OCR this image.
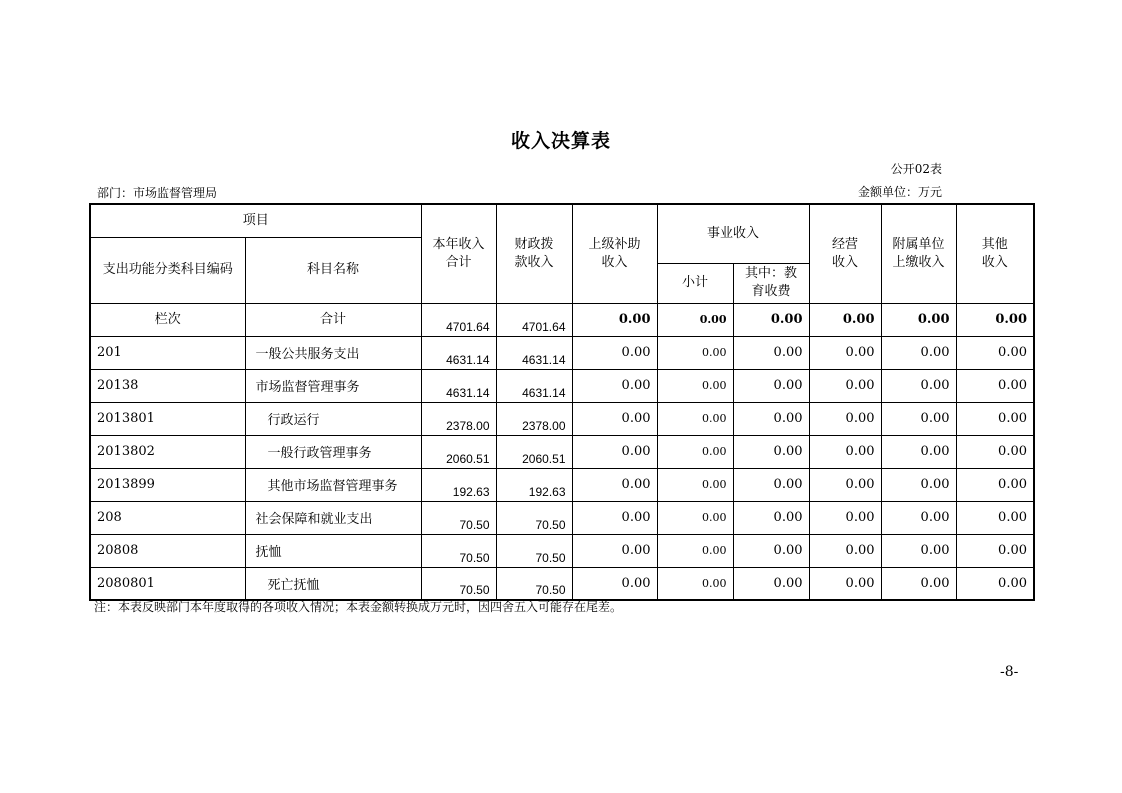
收入决算表
公开02表
部门：市场监督管理局	金额单位：万元
项目		本年收入合计	财政拨款收入	上级补助收入	事业收入		经营收入	附属单位上缴收入	其他收入

支出功能分类科目编码	科目名称								
					小计	其中：教育收费			

栏次	合计	4701.64	4701.64	0.00	0.00	0.00	0.00	0.00	0.00
201	一般公共服务支出	4631.14	4631.14	0.00	0.00	0.00	0.00	0.00	0.00
20138	市场监督管理事务	4631.14	4631.14	0.00	0.00	0.00	0.00	0.00	0.00
2013801	行政运行	2378.00	2378.00	0.00	0.00	0.00	0.00	0.00	0.00
2013802	一般行政管理事务	2060.51	2060.51	0.00	0.00	0.00	0.00	0.00	0.00
2013899	其他市场监督管理事务	192.63	192.63	0.00	0.00	0.00	0.00	0.00	0.00
208	社会保障和就业支出	70.50	70.50	0.00	0.00	0.00	0.00	0.00	0.00
20808	抚恤	70.50	70.50	0.00	0.00	0.00	0.00	0.00	0.00
2080801	死亡抚恤	70.50	70.50	0.00	0.00	0.00	0.00	0.00	0.00
注：本表反映部门本年度取得的各项收入情况；本表金额转换成万元时，因四舍五入可能存在尾差。
-8-
